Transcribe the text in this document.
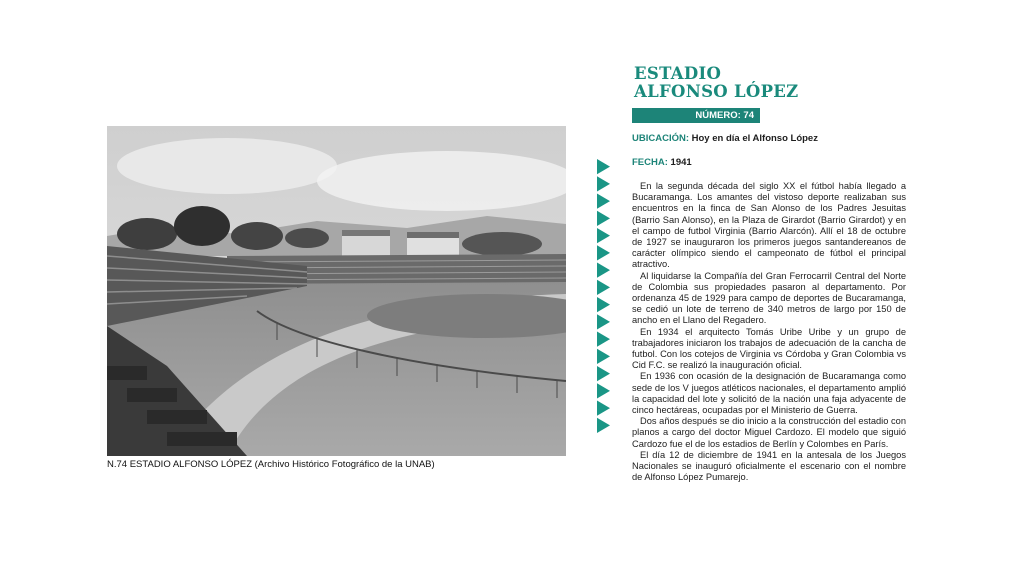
N.74 ESTADIO ALFONSO LÓPEZ (Archivo Histórico Fotográfico de la UNAB)
ESTADIO
ALFONSO LÓPEZ
NÚMERO: 74
UBICACIÓN: Hoy en día el Alfonso López
FECHA: 1941

En la segunda década del siglo XX el fútbol había llegado a Bucaramanga. Los amantes del vistoso deporte realizaban sus encuentros en la finca de San Alonso de los Padres Jesuitas (Barrio San Alonso), en la Plaza de Girardot (Barrio Girardot) y en el campo de futbol Virginia (Barrio Alarcón). Allí el 18 de octubre de 1927 se inauguraron los primeros juegos santandereanos de carácter olímpico siendo el campeonato de fútbol el principal atractivo.

Al liquidarse la Compañía del Gran Ferrocarril Central del Norte de Colombia sus propiedades pasaron al departamento. Por ordenanza 45 de 1929 para campo de deportes de Bucaramanga, se cedió un lote de terreno de 340 metros de largo por 150 de ancho en el Llano del Regadero.

En 1934 el arquitecto Tomás Uribe Uribe y un grupo de trabajadores iniciaron los trabajos de adecuación de la cancha de futbol. Con los cotejos de Virginia vs Córdoba y Gran Colombia vs Cid F.C. se realizó la inauguración oficial.

En 1936 con ocasión de la designación de Bucaramanga como sede de los V juegos atléticos nacionales, el departamento amplió la capacidad del lote y solicitó de la nación una faja adyacente de cinco hectáreas, ocupadas por el Ministerio de Guerra.

Dos años después se dio inicio a la construcción del estadio con planos a cargo del doctor Miguel Cardozo. El modelo que siguió Cardozo fue el de los estadios de Berlín y Colombes en París.

El día 12 de diciembre de 1941 en la antesala de los Juegos Nacionales se inauguró oficialmente el escenario con el nombre de Alfonso López Pumarejo.
